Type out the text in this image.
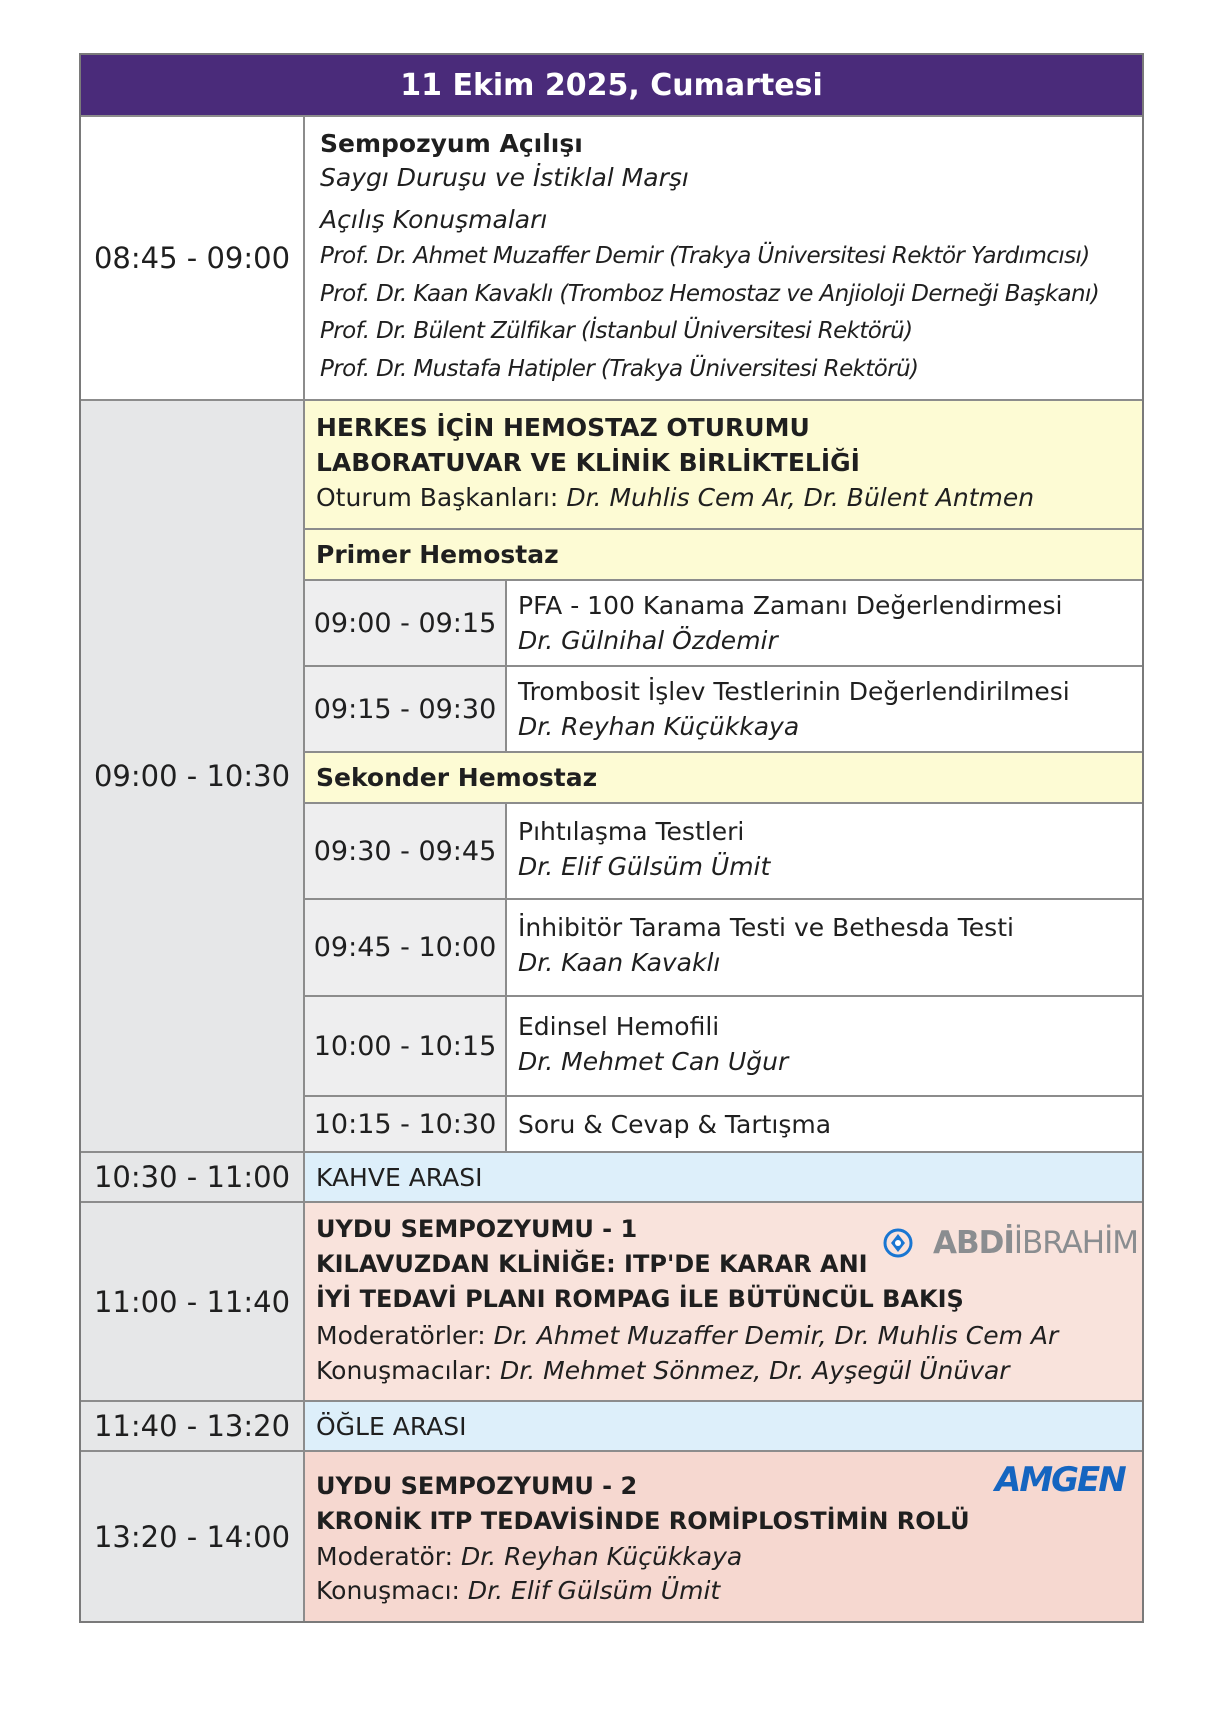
11 Ekim 2025, Cumartesi
08:45 - 09:00
Sempozyum Açılışı
Saygı Duruşu ve İstiklal Marşı
Açılış Konuşmaları
Prof. Dr. Ahmet Muzaffer Demir (Trakya Üniversitesi Rektör Yardımcısı)
Prof. Dr. Kaan Kavaklı (Tromboz Hemostaz ve Anjioloji Derneği Başkanı)
Prof. Dr. Bülent Zülfikar (İstanbul Üniversitesi Rektörü)
Prof. Dr. Mustafa Hatipler (Trakya Üniversitesi Rektörü)
09:00 - 10:30
HERKES İÇİN HEMOSTAZ OTURUMU
LABORATUVAR VE KLİNİK BİRLİKTELİĞİ
Oturum Başkanları: Dr. Muhlis Cem Ar, Dr. Bülent Antmen
Primer Hemostaz
09:00 - 09:15
PFA - 100 Kanama Zamanı Değerlendirmesi
Dr. Gülnihal Özdemir
09:15 - 09:30
Trombosit İşlev Testlerinin Değerlendirilmesi
Dr. Reyhan Küçükkaya
Sekonder Hemostaz
09:30 - 09:45
Pıhtılaşma Testleri
Dr. Elif Gülsüm Ümit
09:45 - 10:00
İnhibitör Tarama Testi ve Bethesda Testi
Dr. Kaan Kavaklı
10:00 - 10:15
Edinsel Hemofili
Dr. Mehmet Can Uğur
10:15 - 10:30 Soru & Cevap & Tartışma
10:30 - 11:00	KAHVE ARASI
11:00 - 11:40
UYDU SEMPOZYUMU - 1
KILAVUZDAN KLİNİĞE: ITP'DE KARAR ANI
İYİ TEDAVİ PLANI ROMPAG İLE BÜTÜNCÜL BAKIŞ
Moderatörler: Dr. Ahmet Muzaffer Demir, Dr. Muhlis Cem Ar
Konuşmacılar: Dr. Mehmet Sönmez, Dr. Ayşegül Ünüvar
ABDİ İBRAHİM
11:40 - 13:20	ÖĞLE ARASI
13:20 - 14:00
UYDU SEMPOZYUMU - 2
KRONİK ITP TEDAVİSİNDE ROMİPLOSTİMİN ROLÜ
Moderatör: Dr. Reyhan Küçükkaya
Konuşmacı: Dr. Elif Gülsüm Ümit
AMGEN
